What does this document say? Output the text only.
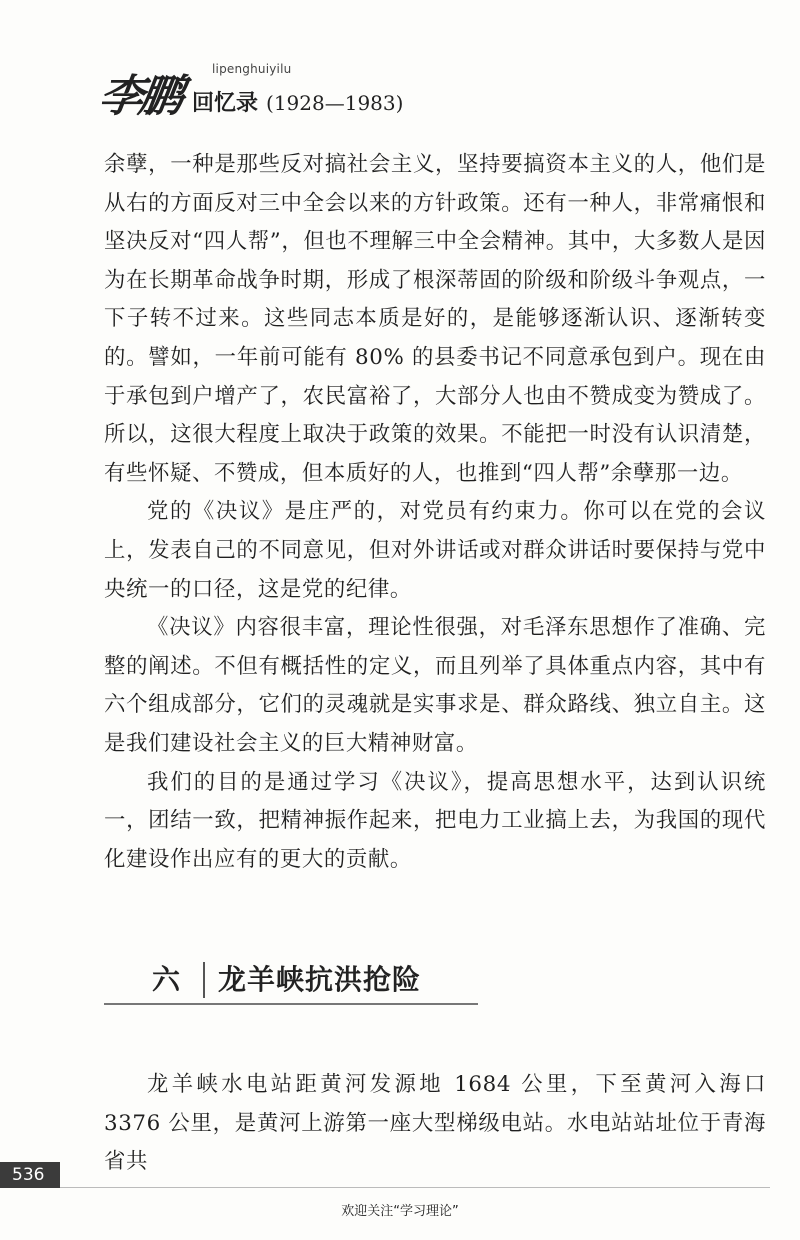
李鹏
lipenghuiyilu
回忆录 (1928—1983)

余孽，一种是那些反对搞社会主义，坚持要搞资本主义的人，他们是从右的方面反对三中全会以来的方针政策。还有一种人，非常痛恨和坚决反对“四人帮”，但也不理解三中全会精神。其中，大多数人是因为在长期革命战争时期，形成了根深蒂固的阶级和阶级斗争观点，一下子转不过来。这些同志本质是好的，是能够逐渐认识、逐渐转变的。譬如，一年前可能有 80% 的县委书记不同意承包到户。现在由于承包到户增产了，农民富裕了，大部分人也由不赞成变为赞成了。所以，这很大程度上取决于政策的效果。不能把一时没有认识清楚，有些怀疑、不赞成，但本质好的人，也推到“四人帮”余孽那一边。

党的《决议》是庄严的，对党员有约束力。你可以在党的会议上，发表自己的不同意见，但对外讲话或对群众讲话时要保持与党中央统一的口径，这是党的纪律。

《决议》内容很丰富，理论性很强，对毛泽东思想作了准确、完整的阐述。不但有概括性的定义，而且列举了具体重点内容，其中有六个组成部分，它们的灵魂就是实事求是、群众路线、独立自主。这是我们建设社会主义的巨大精神财富。

我们的目的是通过学习《决议》，提高思想水平，达到认识统一，团结一致，把精神振作起来，把电力工业搞上去，为我国的现代化建设作出应有的更大的贡献。

六 龙羊峡抗洪抢险

龙羊峡水电站距黄河发源地 1684 公里，下至黄河入海口 3376 公里，是黄河上游第一座大型梯级电站。水电站站址位于青海省共

536
欢迎关注“学习理论”
